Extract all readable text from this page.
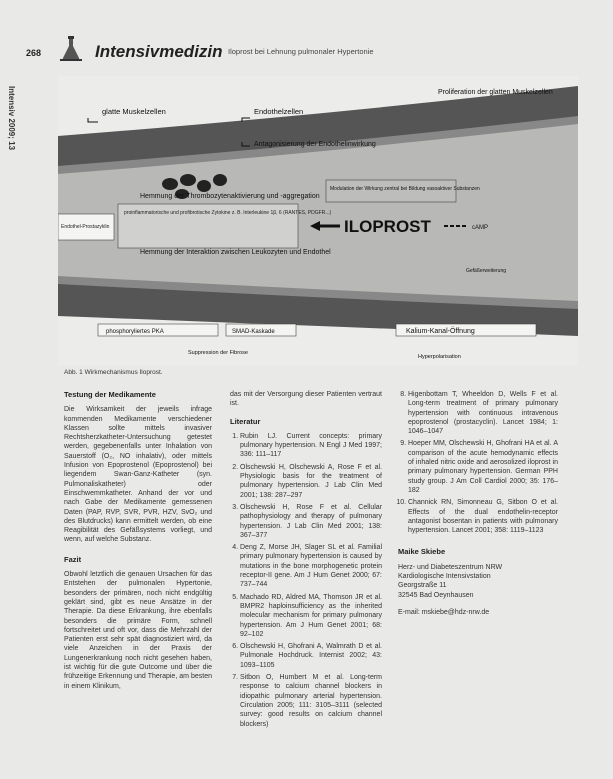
268	Intensivmedizin Iloprost bei Lehnung pulmonaler Hypertonie
Intensiv 2009; 13
Endothel-Prostazyklin
proinflammatorische und profibrotische Zytokine z. B. Interleukine 1β, 6 (RANTES, PDGFR...)
glatte Muskelzellen	Endothelzellen
Proliferation der glatten Muskelzellen
Antagonisierung der Endothelinwirkung
Hemmung der Thrombozytenaktivierung und -aggregation
Hemmung der Interaktion zwischen Leukozyten und Endothel
Modulation der Wirkung zentral bei Bildung vasoaktiver Substanzen
ILOPROST	cAMP
Gefäßerweiterung
phosphoryliertes PKA	SMAD-Kaskade	Kalium-Kanal-Öffnung
Suppression der Fibrose
Hyperpolarisation
Abb. 1 Wirkmechanismus Iloprost.
Testung der Medikamente

Die Wirksamkeit der jeweils infrage kommenden Medikamente verschiedener Klassen sollte mittels invasiver Rechtsherzkatheter-Untersuchung getestet werden, gegebenenfalls unter Inhalation von Sauerstoff (O₂, NO inhalativ), oder mittels Infusion von Epoprostenol (Epoprostenol) bei liegendem Swan-Ganz-Katheter (syn. Pulmonaliskatheter) oder Einschwemmkatheter. Anhand der vor und nach Gabe der Medikamente gemessenen Daten (PAP, RVP, SVR, PVR, HZV, SvO₂ und des Blutdrucks) kann ermittelt werden, ob eine Reagibilität des Gefäßsystems vorliegt, und wenn, auf welche Substanz.

Fazit

Obwohl letztlich die genauen Ursachen für das Entstehen der pulmonalen Hypertonie, besonders der primären, noch nicht endgültig geklärt sind, gibt es neue Ansätze in der Therapie. Da diese Erkrankung, ihre ebenfalls besonders die primäre Form, schnell fortschreitet und oft vor, dass die Mehrzahl der Patienten erst sehr spät diagnostiziert wird, da viele Anzeichen in der Praxis der Lungenerkrankung noch nicht gesehen haben, ist wichtig für die gute Outcome und über die frühzeitige Erkennung und Therapie, am besten in einem Klinikum,

das mit der Versorgung dieser Patienten vertraut ist.

Literatur
1. Rubin LJ. Current concepts: primary pulmonary hypertension. N Engl J Med 1997; 336: 111–117
2. Olschewski H, Olschewski A, Rose F et al. Physiologic basis for the treatment of pulmonary hypertension. J Lab Clin Med 2001; 138: 287–297
3. Olschewski H, Rose F et al. Cellular pathophysiology and therapy of pulmonary hypertension. J Lab Clin Med 2001; 138: 367–377
4. Deng Z, Morse JH, Slager SL et al. Familial primary pulmonary hypertension is caused by mutations in the bone morphogenetic protein receptor-II gene. Am J Hum Genet 2000; 67: 737–744
5. Machado RD, Aldred MA, Thomson JR et al. BMPR2 haploinsufficiency as the inherited molecular mechanism for primary pulmonary hypertension. Am J Hum Genet 2001; 68: 92–102
6. Olschewski H, Ghofrani A, Walmrath D et al. Pulmonale Hochdruck. Internist 2002; 43: 1093–1105
7. Sitbon O, Humbert M et al. Long-term response to calcium channel blockers in idiopathic pulmonary arterial hypertension. Circulation 2005; 111: 3105–3111 (selected survey: good results on calcium channel blockers)
8. Higenbottam T, Wheeldon D, Wells F et al. Long-term treatment of primary pulmonary hypertension with continuous intravenous epoprostenol (prostacyclin). Lancet 1984; 1: 1046–1047
9. Hoeper MM, Olschewski H, Ghofrani HA et al. A comparison of the acute hemodynamic effects of inhaled nitric oxide and aerosolized iloprost in primary pulmonary hypertension. German PPH study group. J Am Coll Cardiol 2000; 35: 176–182
10. Channick RN, Simonneau G, Sitbon O et al. Effects of the dual endothelin-receptor antagonist bosentan in patients with pulmonary hypertension. Lancet 2001; 358: 1119–1123
Maike Skiebe
Herz- und Diabeteszentrum NRW
Kardiologische Intensivstation
Georgstraße 11
32545 Bad Oeynhausen
E-mail: mskiebe@hdz-nrw.de
